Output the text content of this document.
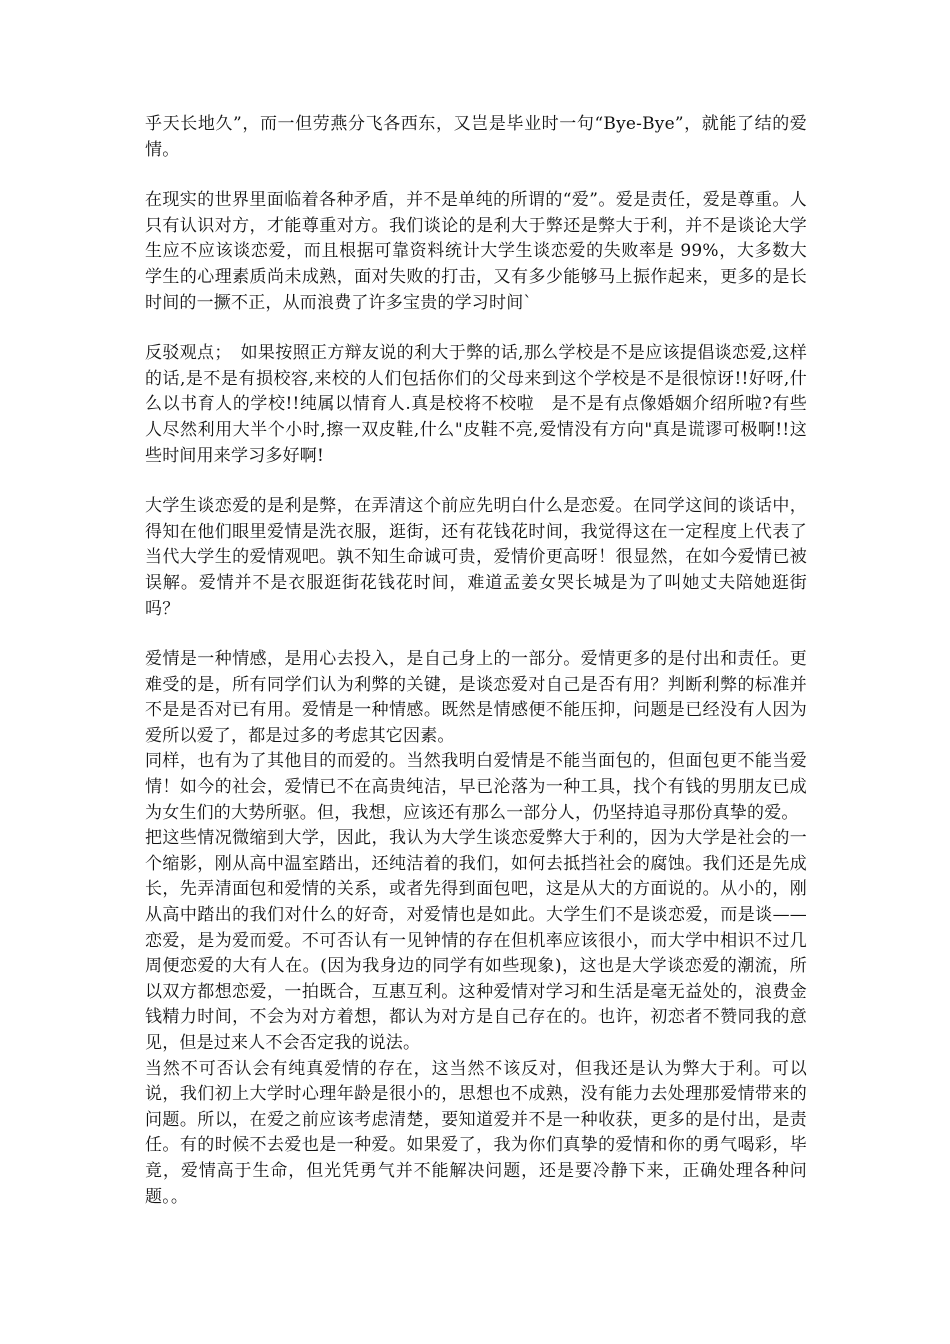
乎天长地久”，而一但劳燕分飞各西东，又岂是毕业时一句“Bye-Bye”，就能了结的爱情。

在现实的世界里面临着各种矛盾，并不是单纯的所谓的“爱”。爱是责任，爱是尊重。人只有认识对方，才能尊重对方。我们谈论的是利大于弊还是弊大于利，并不是谈论大学生应不应该谈恋爱，而且根据可靠资料统计大学生谈恋爱的失败率是 99%，大多数大学生的心理素质尚未成熟，面对失败的打击，又有多少能够马上振作起来，更多的是长时间的一撅不正，从而浪费了许多宝贵的学习时间`

反驳观点；　如果按照正方辩友说的利大于弊的话,那么学校是不是应该提倡谈恋爱,这样的话,是不是有损校容,来校的人们包括你们的父母来到这个学校是不是很惊讶!!好呀,什么以书育人的学校!!纯属以情育人.真是校将不校啦　是不是有点像婚姻介绍所啦?有些人尽然利用大半个小时,擦一双皮鞋,什么"皮鞋不亮,爱情没有方向"真是谎谬可极啊!!这些时间用来学习多好啊!

大学生谈恋爱的是利是弊，在弄清这个前应先明白什么是恋爱。在同学这间的谈话中，得知在他们眼里爱情是洗衣服，逛街，还有花钱花时间，我觉得这在一定程度上代表了当代大学生的爱情观吧。孰不知生命诚可贵，爱情价更高呀！很显然，在如今爱情已被误解。爱情并不是衣服逛街花钱花时间，难道孟姜女哭长城是为了叫她丈夫陪她逛街吗？

爱情是一种情感，是用心去投入，是自己身上的一部分。爱情更多的是付出和责任。更难受的是，所有同学们认为利弊的关键，是谈恋爱对自己是否有用？判断利弊的标准并不是是否对已有用。爱情是一种情感。既然是情感便不能压抑，问题是已经没有人因为爱所以爱了，都是过多的考虑其它因素。

同样，也有为了其他目的而爱的。当然我明白爱情是不能当面包的，但面包更不能当爱情！如今的社会，爱情已不在高贵纯洁，早已沦落为一种工具，找个有钱的男朋友已成为女生们的大势所驱。但，我想，应该还有那么一部分人，仍坚持追寻那份真挚的爱。

把这些情况微缩到大学，因此，我认为大学生谈恋爱弊大于利的，因为大学是社会的一个缩影，刚从高中温室踏出，还纯洁着的我们，如何去抵挡社会的腐蚀。我们还是先成长，先弄清面包和爱情的关系，或者先得到面包吧，这是从大的方面说的。从小的，刚从高中踏出的我们对什么的好奇，对爱情也是如此。大学生们不是谈恋爱，而是谈——恋爱，是为爱而爱。不可否认有一见钟情的存在但机率应该很小，而大学中相识不过几周便恋爱的大有人在。(因为我身边的同学有如些现象)，这也是大学谈恋爱的潮流，所以双方都想恋爱，一拍既合，互惠互利。这种爱情对学习和生活是毫无益处的，浪费金钱精力时间，不会为对方着想，都认为对方是自己存在的。也许，初恋者不赞同我的意见，但是过来人不会否定我的说法。

当然不可否认会有纯真爱情的存在，这当然不该反对，但我还是认为弊大于利。可以说，我们初上大学时心理年龄是很小的，思想也不成熟，没有能力去处理那爱情带来的问题。所以，在爱之前应该考虑清楚，要知道爱并不是一种收获，更多的是付出，是责任。有的时候不去爱也是一种爱。如果爱了，我为你们真挚的爱情和你的勇气喝彩，毕竟，爱情高于生命，但光凭勇气并不能解决问题，还是要冷静下来，正确处理各种问题。。
